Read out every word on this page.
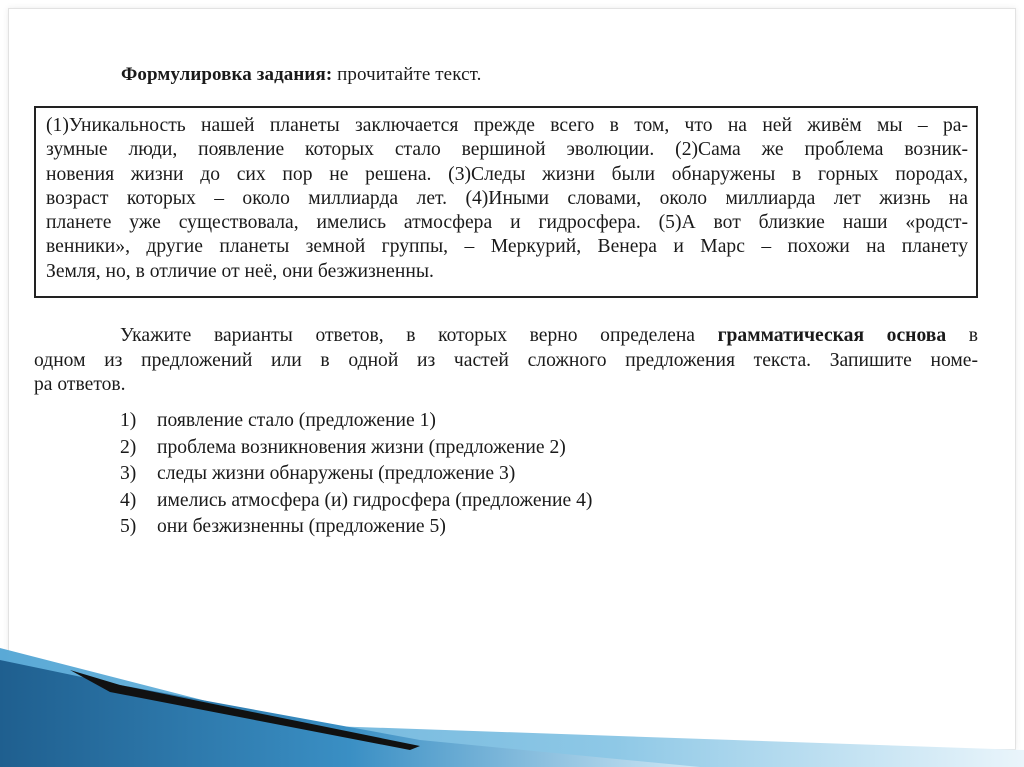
Формулировка задания: прочитайте текст.
(1)Уникальность нашей планеты заключается прежде всего в том, что на ней живём мы – ра-
зумные люди, появление которых стало вершиной эволюции. (2)Сама же проблема возник-
новения жизни до сих пор не решена. (3)Следы жизни были обнаружены в горных породах,
возраст которых – около миллиарда лет. (4)Иными словами, около миллиарда лет жизнь на
планете уже существовала, имелись атмосфера и гидросфера. (5)А вот близкие наши «родст-
венники», другие планеты земной группы, – Меркурий, Венера и Марс – похожи на планету
Земля, но, в отличие от неё, они безжизненны.
Укажите варианты ответов, в которых верно определена грамматическая основа в
одном из предложений или в одной из частей сложного предложения текста. Запишите номе-
ра ответов.
1)	появление стало (предложение 1)
2)	проблема возникновения жизни (предложение 2)
3)	следы жизни обнаружены (предложение 3)
4)	имелись атмосфера (и) гидросфера (предложение 4)
5)	они безжизненны (предложение 5)
